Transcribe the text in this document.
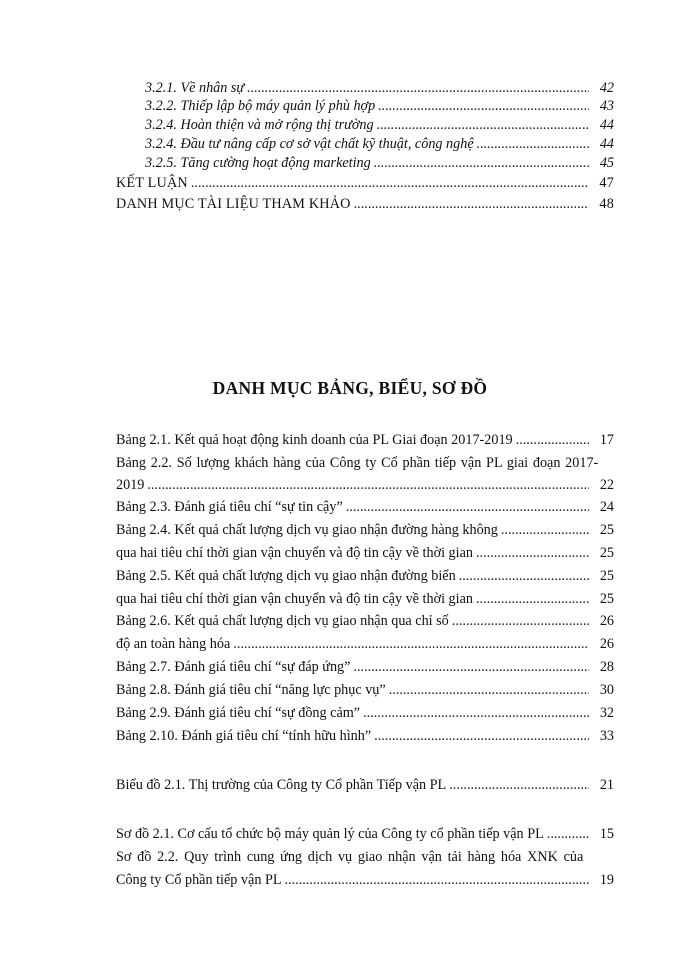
3.2.1. Về nhân sự .....	42
3.2.2. Thiếp lập bộ máy quản lý phù hợp .....	43
3.2.4. Hoàn thiện và mở rộng thị trường .....	44
3.2.4. Đầu tư nâng cấp cơ sở vật chất kỹ thuật, công nghệ .....	44
3.2.5. Tăng cường hoạt động marketing .....	45
KẾT LUẬN .....	47
DANH MỤC TÀI LIỆU THAM KHẢO .....	48
DANH MỤC BẢNG, BIỂU, SƠ ĐỒ
Bảng 2.1. Kết quả hoạt động kinh doanh của PL Giai đoạn 2017-2019 .....	17
Bảng 2.2. Số lượng khách hàng của Công ty Cổ phần tiếp vận PL giai đoạn 2017-
2019 .....	22
Bảng 2.3. Đánh giá tiêu chí “sự tin cậy” .....	24
Bảng 2.4. Kết quả chất lượng dịch vụ giao nhận đường hàng không .....	25
qua hai tiêu chí thời gian vận chuyển và độ tin cậy về thời gian .....	25
Bảng 2.5. Kết quả chất lượng dịch vụ giao nhận đường biển .....	25
qua hai tiêu chí thời gian vận chuyển và độ tin cậy về thời gian .....	25
Bảng 2.6. Kết quả chất lượng dịch vụ giao nhận qua chỉ số .....	26
độ an toàn hàng hóa .....	26
Bảng 2.7. Đánh giá tiêu chí “sự đáp ứng” .....	28
Bảng 2.8. Đánh giá tiêu chí “năng lực phục vụ” .....	30
Bảng 2.9. Đánh giá tiêu chí “sự đồng cảm” .....	32
Bảng 2.10. Đánh giá tiêu chí “tính hữu hình” .....	33
Biểu đồ 2.1. Thị trường của Công ty Cổ phần Tiếp vận PL .....	21
Sơ đồ 2.1. Cơ cấu tổ chức bộ máy quản lý của Công ty cổ phần tiếp vận PL .....	15
Sơ đồ 2.2. Quy trình cung ứng dịch vụ giao nhận vận tải hàng hóa XNK của
Công ty Cổ phần tiếp vận PL .....	19
